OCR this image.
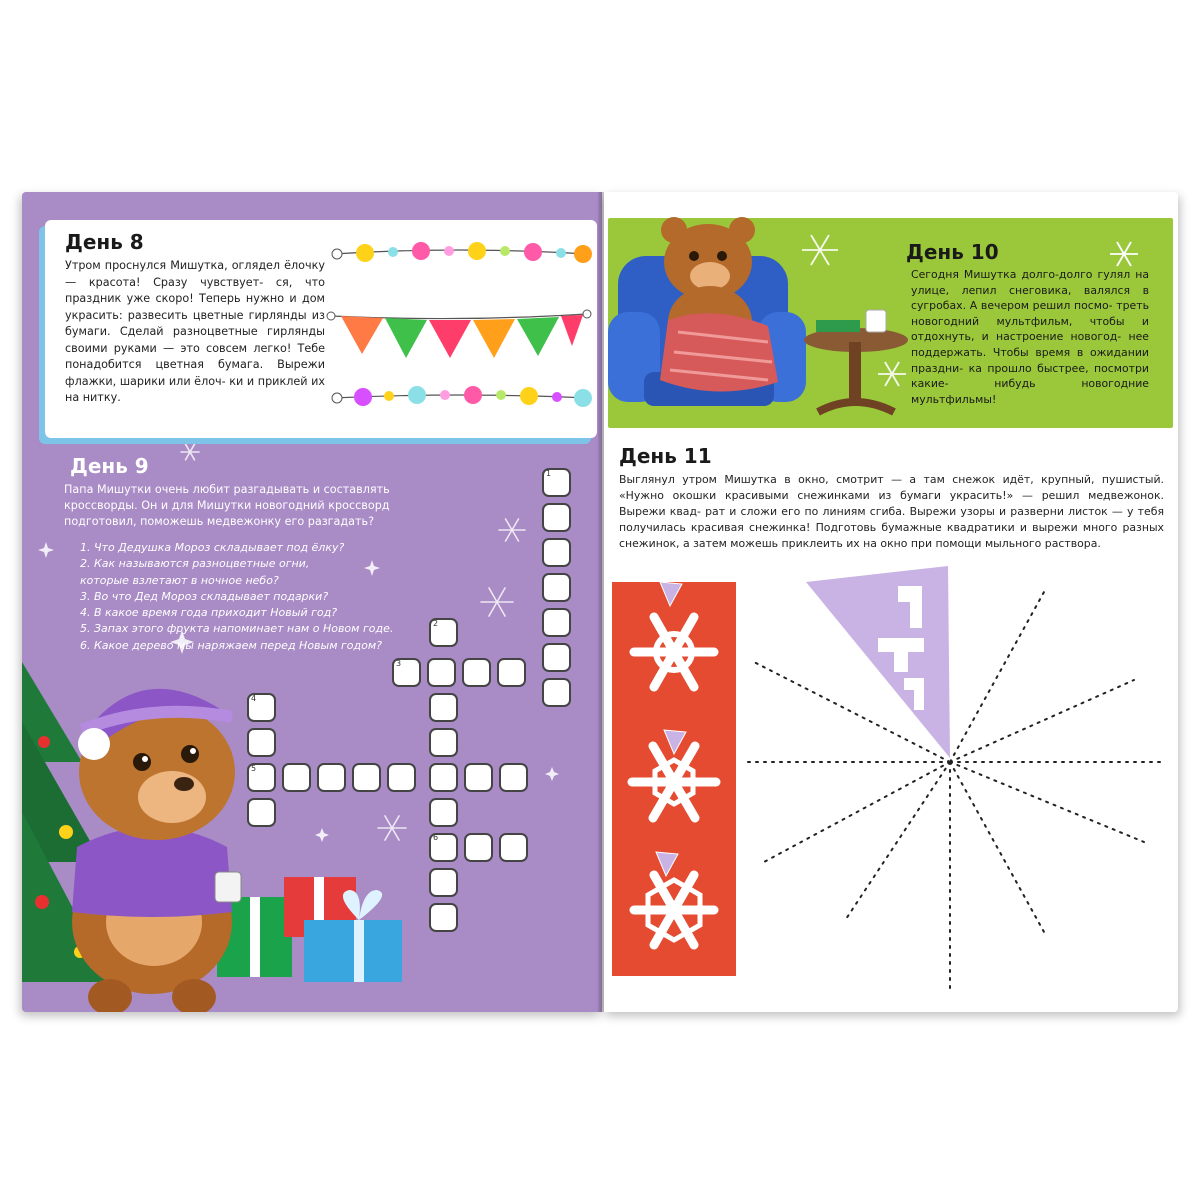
День 8
Утром проснулся Мишутка, оглядел ёлочку — красота! Сразу чувствует- ся, что праздник уже скоро! Теперь нужно и дом украсить: развесить цветные гирлянды из бумаги. Сделай разноцветные гирлянды своими руками — это совсем легко! Тебе понадобится цветная бумага. Вырежи флажки, шарики или ёлоч- ки и приклей их на нитку.
День 9
Папа Мишутки очень любит разгадывать и составлять кроссворды. Он и для Мишутки новогодний кроссворд подготовил, поможешь медвежонку его разгадать?
1. Что Дедушка Мороз складывает под ёлку?
2. Как называются разноцветные огни,
которые взлетают в ночное небо?
3. Во что Дед Мороз складывает подарки?
4. В какое время года приходит Новый год?
5. Запах этого фрукта напоминает нам о Новом годе.
6. Какое дерево мы наряжаем перед Новым годом?
1
3
2
4
5
6
День 10
Сегодня Мишутка долго-долго гулял на улице, лепил снеговика, валялся в сугробах. А вечером решил посмо- треть новогодний мультфильм, чтобы и отдохнуть, и настроение новогод- нее поддержать. Чтобы время в ожидании праздни- ка прошло быстрее, посмотри какие- нибудь новогодние мультфильмы!
День 11
Выглянул утром Мишутка в окно, смотрит — а там снежок идёт, крупный, пушистый. «Нужно окошки красивыми снежинками из бумаги украсить!» — решил медвежонок. Вырежи квад- рат и сложи его по линиям сгиба. Вырежи узоры и разверни листок — у тебя получилась красивая снежинка! Подготовь бумажные квадратики и вырежи много разных снежинок, а затем можешь приклеить их на окно при помощи мыльного раствора.
